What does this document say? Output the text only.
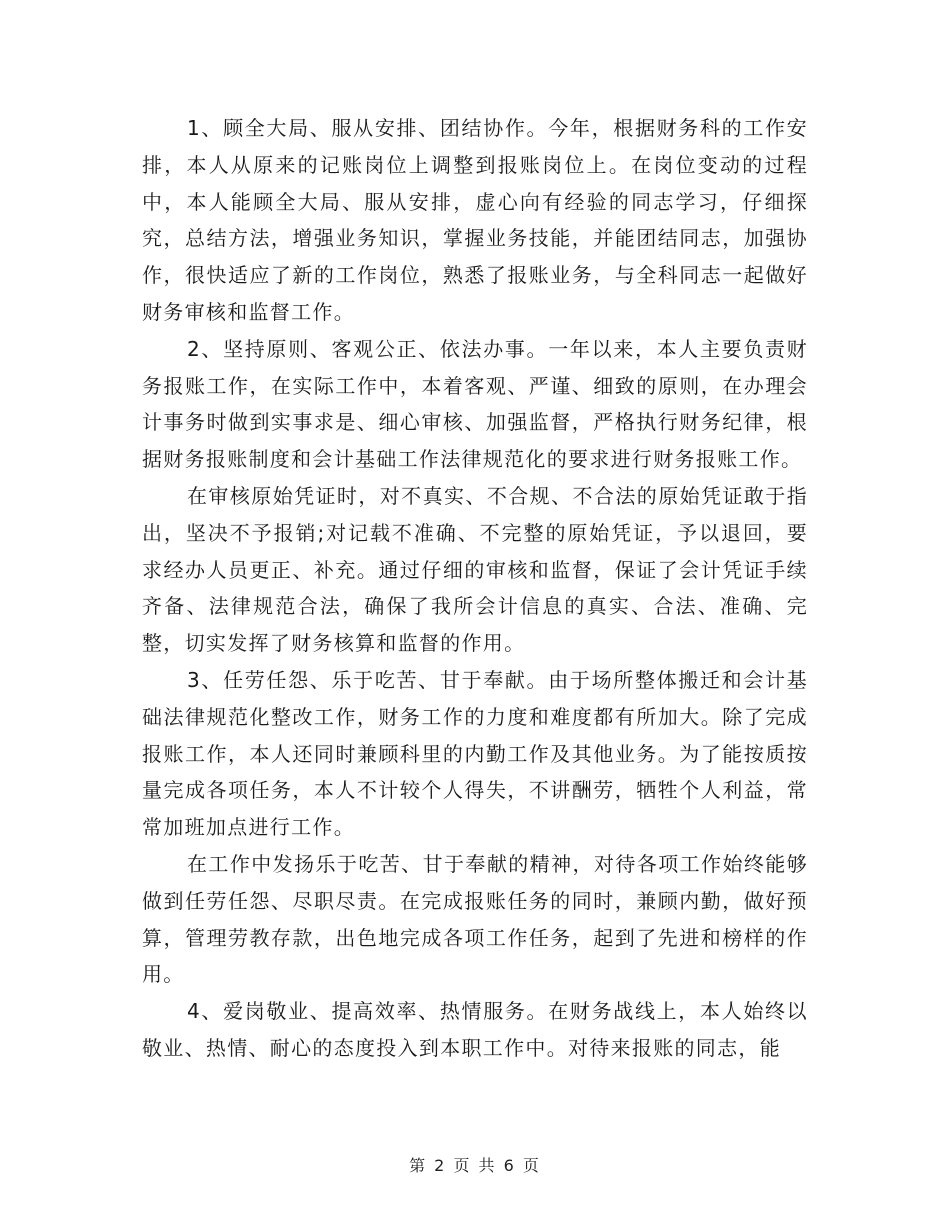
1、顾全大局、服从安排、团结协作。今年，根据财务科的工作安排，本人从原来的记账岗位上调整到报账岗位上。在岗位变动的过程中，本人能顾全大局、服从安排，虚心向有经验的同志学习，仔细探究，总结方法，增强业务知识，掌握业务技能，并能团结同志，加强协作，很快适应了新的工作岗位，熟悉了报账业务，与全科同志一起做好财务审核和监督工作。

2、坚持原则、客观公正、依法办事。一年以来，本人主要负责财务报账工作，在实际工作中，本着客观、严谨、细致的原则，在办理会计事务时做到实事求是、细心审核、加强监督，严格执行财务纪律，根据财务报账制度和会计基础工作法律规范化的要求进行财务报账工作。

在审核原始凭证时，对不真实、不合规、不合法的原始凭证敢于指出，坚决不予报销;对记载不准确、不完整的原始凭证，予以退回，要求经办人员更正、补充。通过仔细的审核和监督，保证了会计凭证手续齐备、法律规范合法，确保了我所会计信息的真实、合法、准确、完整，切实发挥了财务核算和监督的作用。

3、任劳任怨、乐于吃苦、甘于奉献。由于场所整体搬迁和会计基础法律规范化整改工作，财务工作的力度和难度都有所加大。除了完成报账工作，本人还同时兼顾科里的内勤工作及其他业务。为了能按质按量完成各项任务，本人不计较个人得失，不讲酬劳，牺牲个人利益，常常加班加点进行工作。

在工作中发扬乐于吃苦、甘于奉献的精神，对待各项工作始终能够做到任劳任怨、尽职尽责。在完成报账任务的同时，兼顾内勤，做好预算，管理劳教存款，出色地完成各项工作任务，起到了先进和榜样的作用。

4、爱岗敬业、提高效率、热情服务。在财务战线上，本人始终以敬业、热情、耐心的态度投入到本职工作中。对待来报账的同志，能

第 2 页 共 6 页
